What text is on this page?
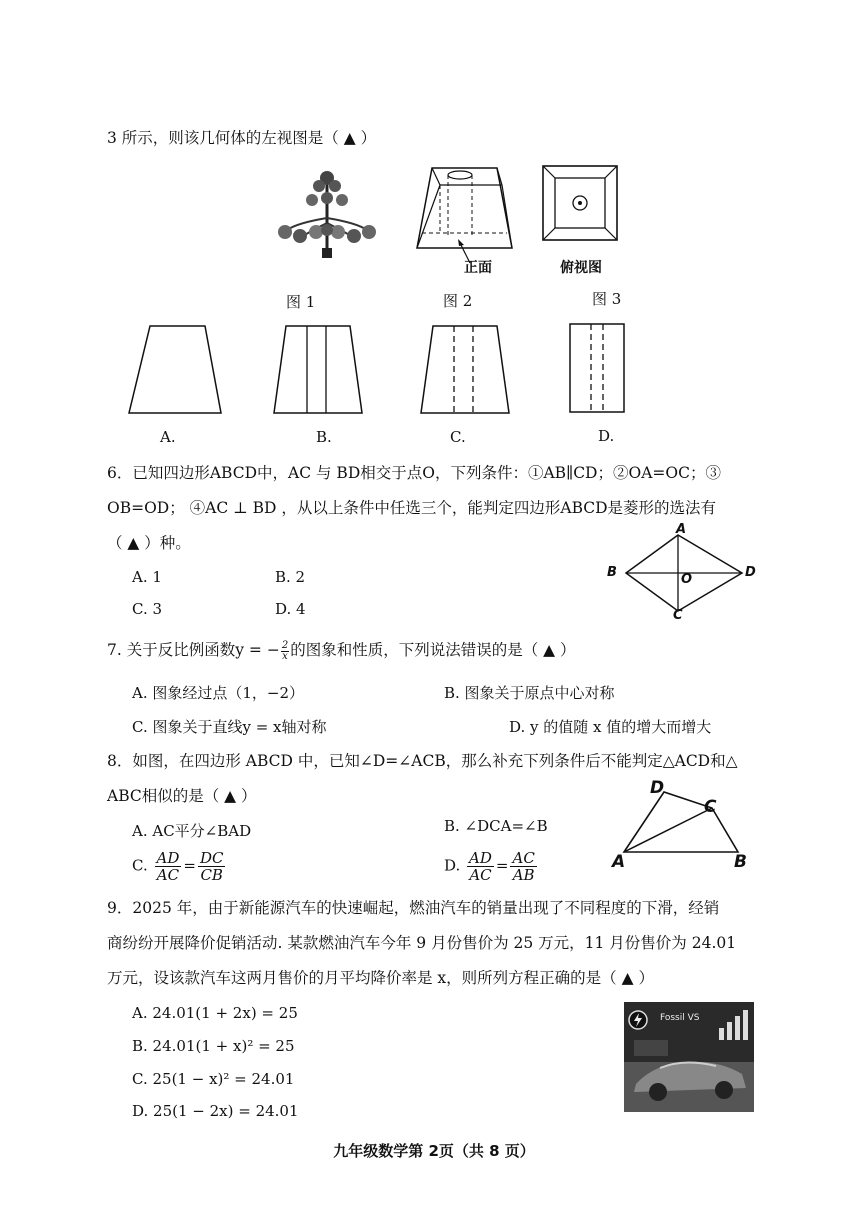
3 所示，则该几何体的左视图是（ ▲ ）
图 1
正面
图 2
俯视图
图 3
A.	B.	C.	D.
6．已知四边形ABCD中，AC 与 BD相交于点O，下列条件：①AB∥CD；②OA=OC；③
OB=OD； ④AC ⊥ BD ，从以上条件中任选三个，能判定四边形ABCD是菱形的选法有
（ ▲ ）种。
A. 1	B. 2
C. 3	D. 4
A
B
C
D
O
7. 关于反比例函数y = − $\frac{2}{x}$ 的图象和性质，下列说法错误的是（ ▲ ）
A. 图象经过点（1，−2）	B. 图象关于原点中心对称
C. 图象关于直线y = x轴对称	D. y 的值随 x 值的增大而增大
8．如图，在四边形 ABCD 中，已知∠D=∠ACB，那么补充下列条件后不能判定△ACD和△
ABC相似的是（ ▲ ）
A. AC平分∠BAD	B. ∠DCA=∠B
C. $\frac{AD}{AC} = \frac{DC}{CB}$	D. $\frac{AD}{AC} = \frac{AC}{AB}$
D
C
A	B
9．2025 年，由于新能源汽车的快速崛起，燃油汽车的销量出现了不同程度的下滑，经销
商纷纷开展降价促销活动. 某款燃油汽车今年 9 月份售价为 25 万元，11 月份售价为 24.01
万元，设该款汽车这两月售价的月平均降价率是 x，则所列方程正确的是（ ▲ ）
A. 24.01(1 + 2x) = 25
B. 24.01(1 + x)² = 25
C. 25(1 − x)² = 24.01
D. 25(1 − 2x) = 24.01
Fossil VS
九年级数学第 2页（共 8 页）
